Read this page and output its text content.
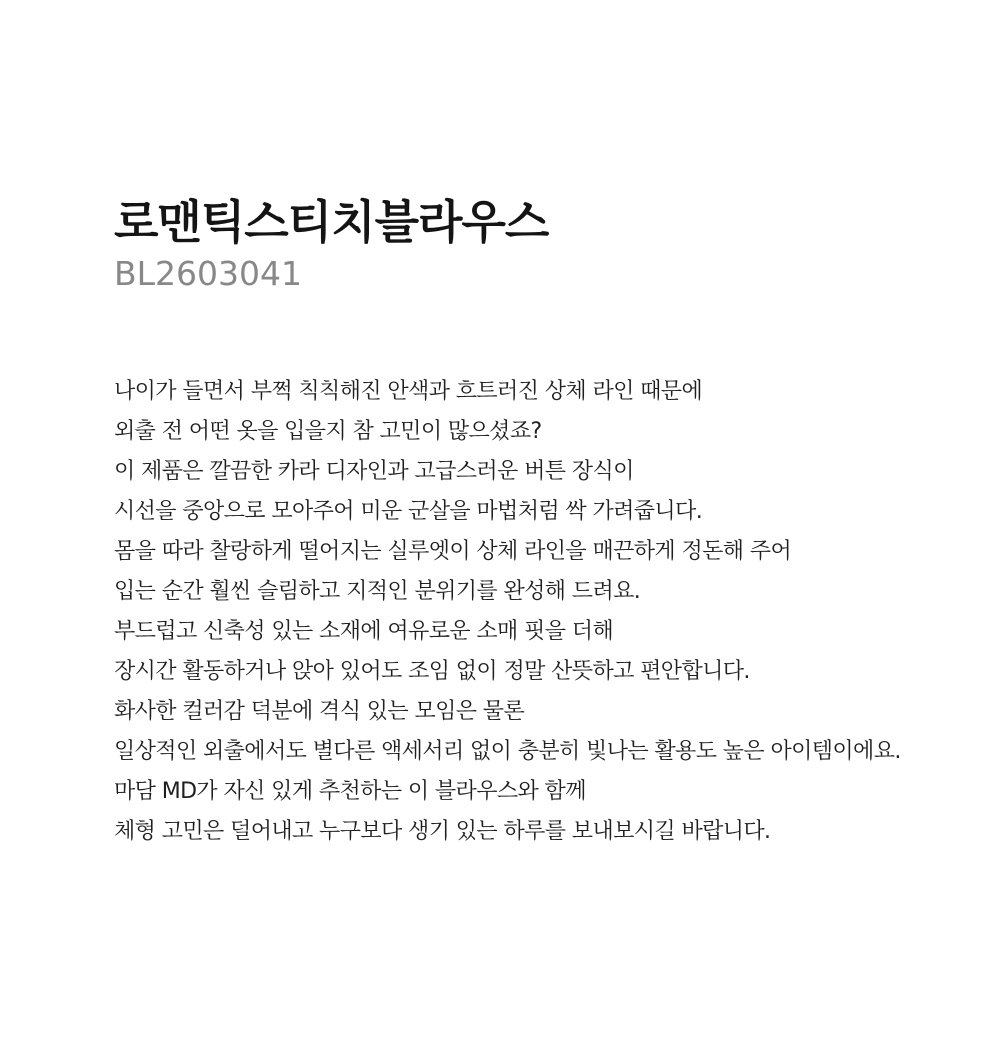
로맨틱스티치블라우스

BL2603041

나이가 들면서 부쩍 칙칙해진 안색과 흐트러진 상체 라인 때문에
외출 전 어떤 옷을 입을지 참 고민이 많으셨죠?
이 제품은 깔끔한 카라 디자인과 고급스러운 버튼 장식이
시선을 중앙으로 모아주어 미운 군살을 마법처럼 싹 가려줍니다.
몸을 따라 찰랑하게 떨어지는 실루엣이 상체 라인을 매끈하게 정돈해 주어
입는 순간 훨씬 슬림하고 지적인 분위기를 완성해 드려요.
부드럽고 신축성 있는 소재에 여유로운 소매 핏을 더해
장시간 활동하거나 앉아 있어도 조임 없이 정말 산뜻하고 편안합니다.
화사한 컬러감 덕분에 격식 있는 모임은 물론
일상적인 외출에서도 별다른 액세서리 없이 충분히 빛나는 활용도 높은 아이템이에요.
마담 MD가 자신 있게 추천하는 이 블라우스와 함께
체형 고민은 덜어내고 누구보다 생기 있는 하루를 보내보시길 바랍니다.
